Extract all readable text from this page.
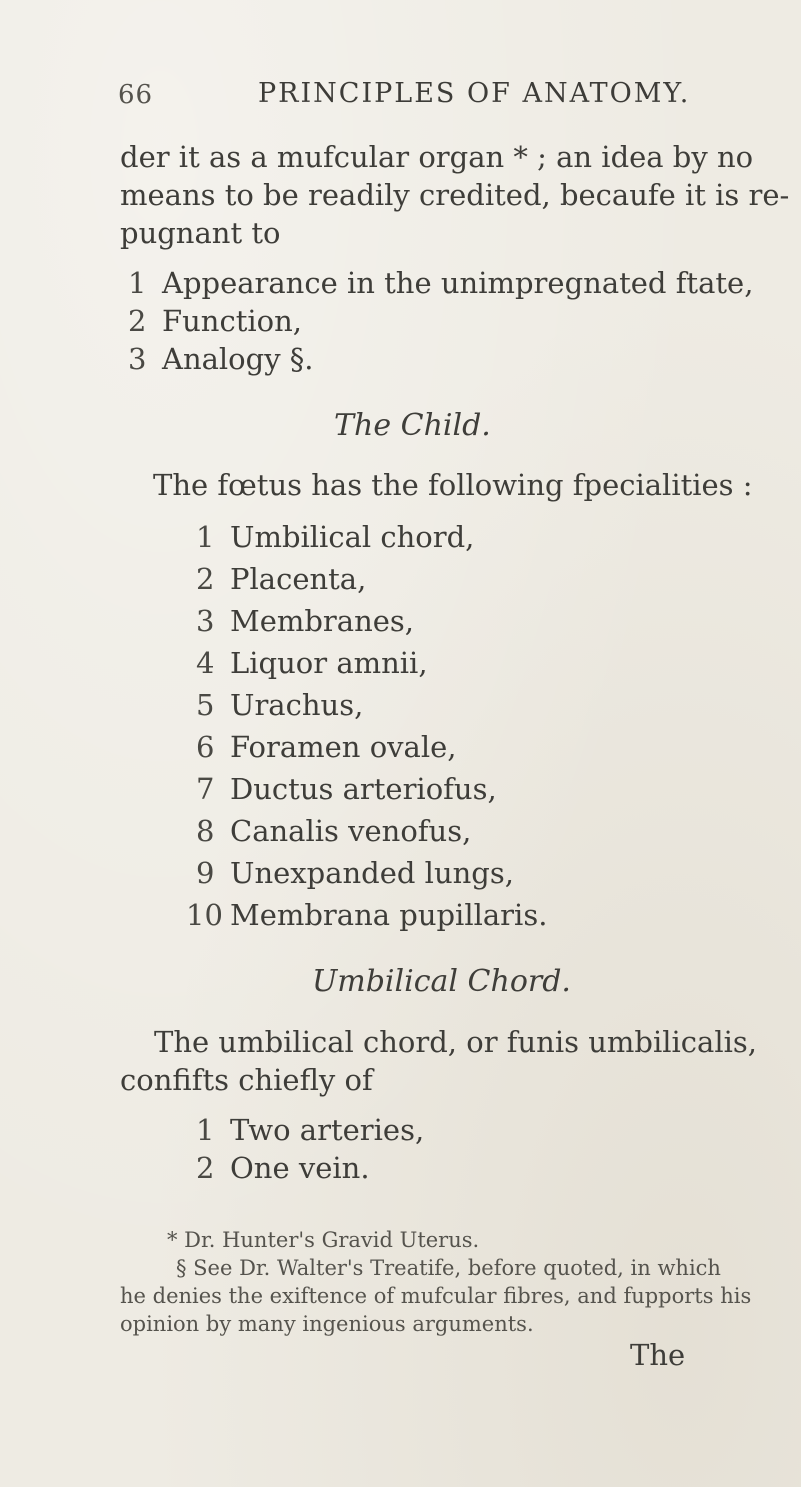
66	PRINCIPLES OF ANATOMY.
der it as a mufcular organ * ; an idea by no
means to be readily credited, becaufe it is re-
pugnant to
1 Appearance in the unimpregnated ftate,
2 Function,
3 Analogy §.
The Child.
The fœtus has the following fpecialities :
1 Umbilical chord,
2 Placenta,
3 Membranes,
4 Liquor amnii,
5 Urachus,
6 Foramen ovale,
7 Ductus arteriofus,
8 Canalis venofus,
9 Unexpanded lungs,
10 Membrana pupillaris.
Umbilical Chord.
The umbilical chord, or funis umbilicalis,
confifts chiefly of
1 Two arteries,
2 One vein.
* Dr. Hunter's Gravid Uterus.
§ See Dr. Walter's Treatife, before quoted, in which
he denies the exiftence of mufcular fibres, and fupports his
opinion by many ingenious arguments.
The
